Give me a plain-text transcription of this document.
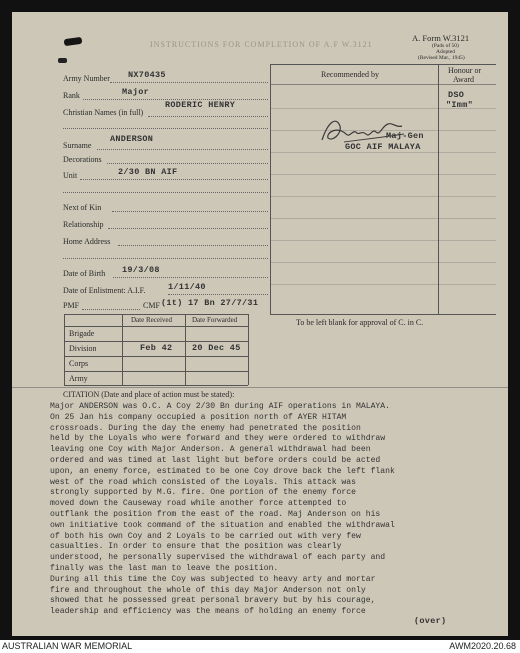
INSTRUCTIONS FOR COMPLETION OF A.F W.3121
A. Form W.3121
(Pads of 50)
Adopted
(Revised Mar., 1945)
Army Number NX70435
Rank	Major
Christian Names (in full)
RODERIC HENRY
ANDERSON
Surname
Decorations
Unit	2/30 BN AIF
Next of Kin
Relationship
Home Address
Date of Birth 19/3/08
Date of Enlistment: A.I.F.	1/11/40
PMF	CMF (1t) 17 Bn 27/7/31
Recommended by	Honour or
Award
Maj-Gen
GOC AIF MALAYA
DSO
"Imm"
To be left blank for approval of C. in C.
Date Received	Date Forwarded
Brigade
Division	Feb 42 20 Dec 45
Corps
Army
CITATION (Date and place of action must be stated):
Major ANDERSON was O.C. A Coy 2/30 Bn during AIF operations in MALAYA.
On 25 Jan his company occupied a position north of AYER HITAM
crossroads. During the day the enemy had penetrated the position
held by the Loyals who were forward and they were ordered to withdraw
leaving one Coy with Major Anderson. A general withdrawal had been
ordered and was timed at last light but before orders could be acted
upon, an enemy force, estimated to be one Coy drove back the left flank
west of the road which consisted of the Loyals. This attack was
strongly supported by M.G. fire. One portion of the enemy force
moved down the Causeway road while another force attempted to
outflank the position from the east of the road. Maj Anderson on his
own initiative took command of the situation and enabled the withdrawal
of both his own Coy and 2 Loyals to be carried out with very few
casualties. In order to ensure that the position was clearly
understood, he personally supervised the withdrawal of each party and
finally was the last man to leave the position.
During all this time the Coy was subjected to heavy arty and mortar
fire and throughout the whole of this day Major Anderson not only
showed that he possessed great personal bravery but by his courage,
leadership and efficiency was the means of holding an enemy force
(over)
AUSTRALIAN WAR MEMORIAL	AWM2020.20.68
